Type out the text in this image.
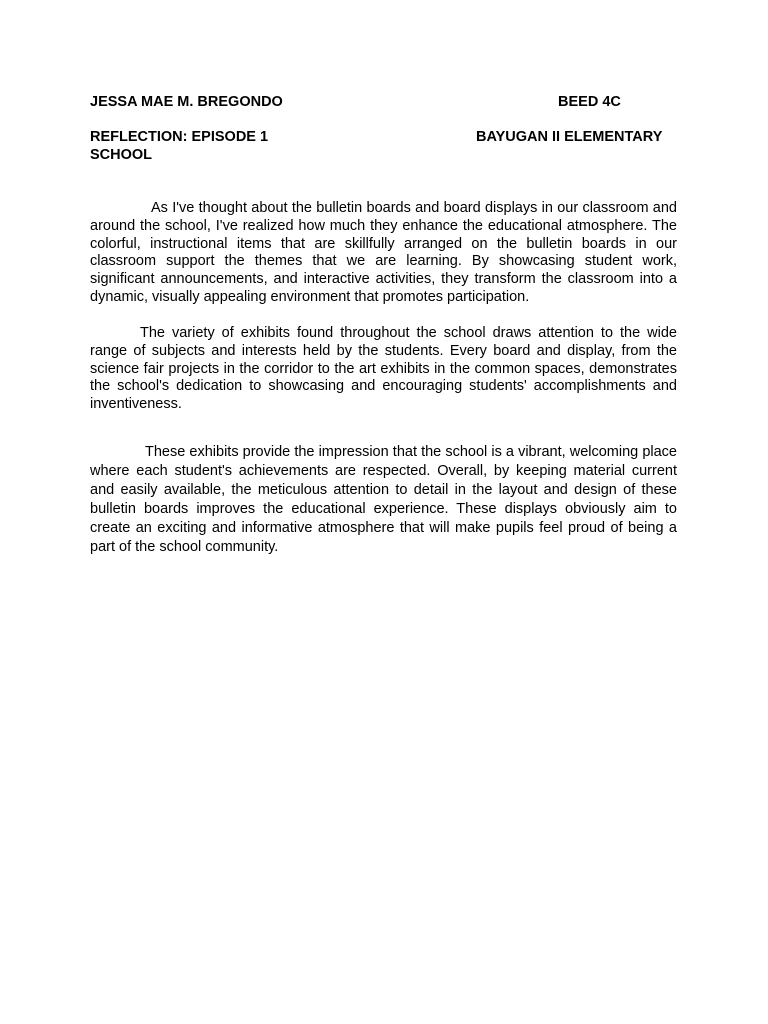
JESSA MAE M. BREGONDO	BEED 4C
REFLECTION: EPISODE 1	BAYUGAN II ELEMENTARY
SCHOOL

As I've thought about the bulletin boards and board displays in our classroom and around the school, I've realized how much they enhance the educational atmosphere. The colorful, instructional items that are skillfully arranged on the bulletin boards in our classroom support the themes that we are learning. By showcasing student work, significant announcements, and interactive activities, they transform the classroom into a dynamic, visually appealing environment that promotes participation.

The variety of exhibits found throughout the school draws attention to the wide range of subjects and interests held by the students. Every board and display, from the science fair projects in the corridor to the art exhibits in the common spaces, demonstrates the school's dedication to showcasing and encouraging students' accomplishments and inventiveness.

These exhibits provide the impression that the school is a vibrant, welcoming place where each student's achievements are respected. Overall, by keeping material current and easily available, the meticulous attention to detail in the layout and design of these bulletin boards improves the educational experience. These displays obviously aim to create an exciting and informative atmosphere that will make pupils feel proud of being a part of the school community.
